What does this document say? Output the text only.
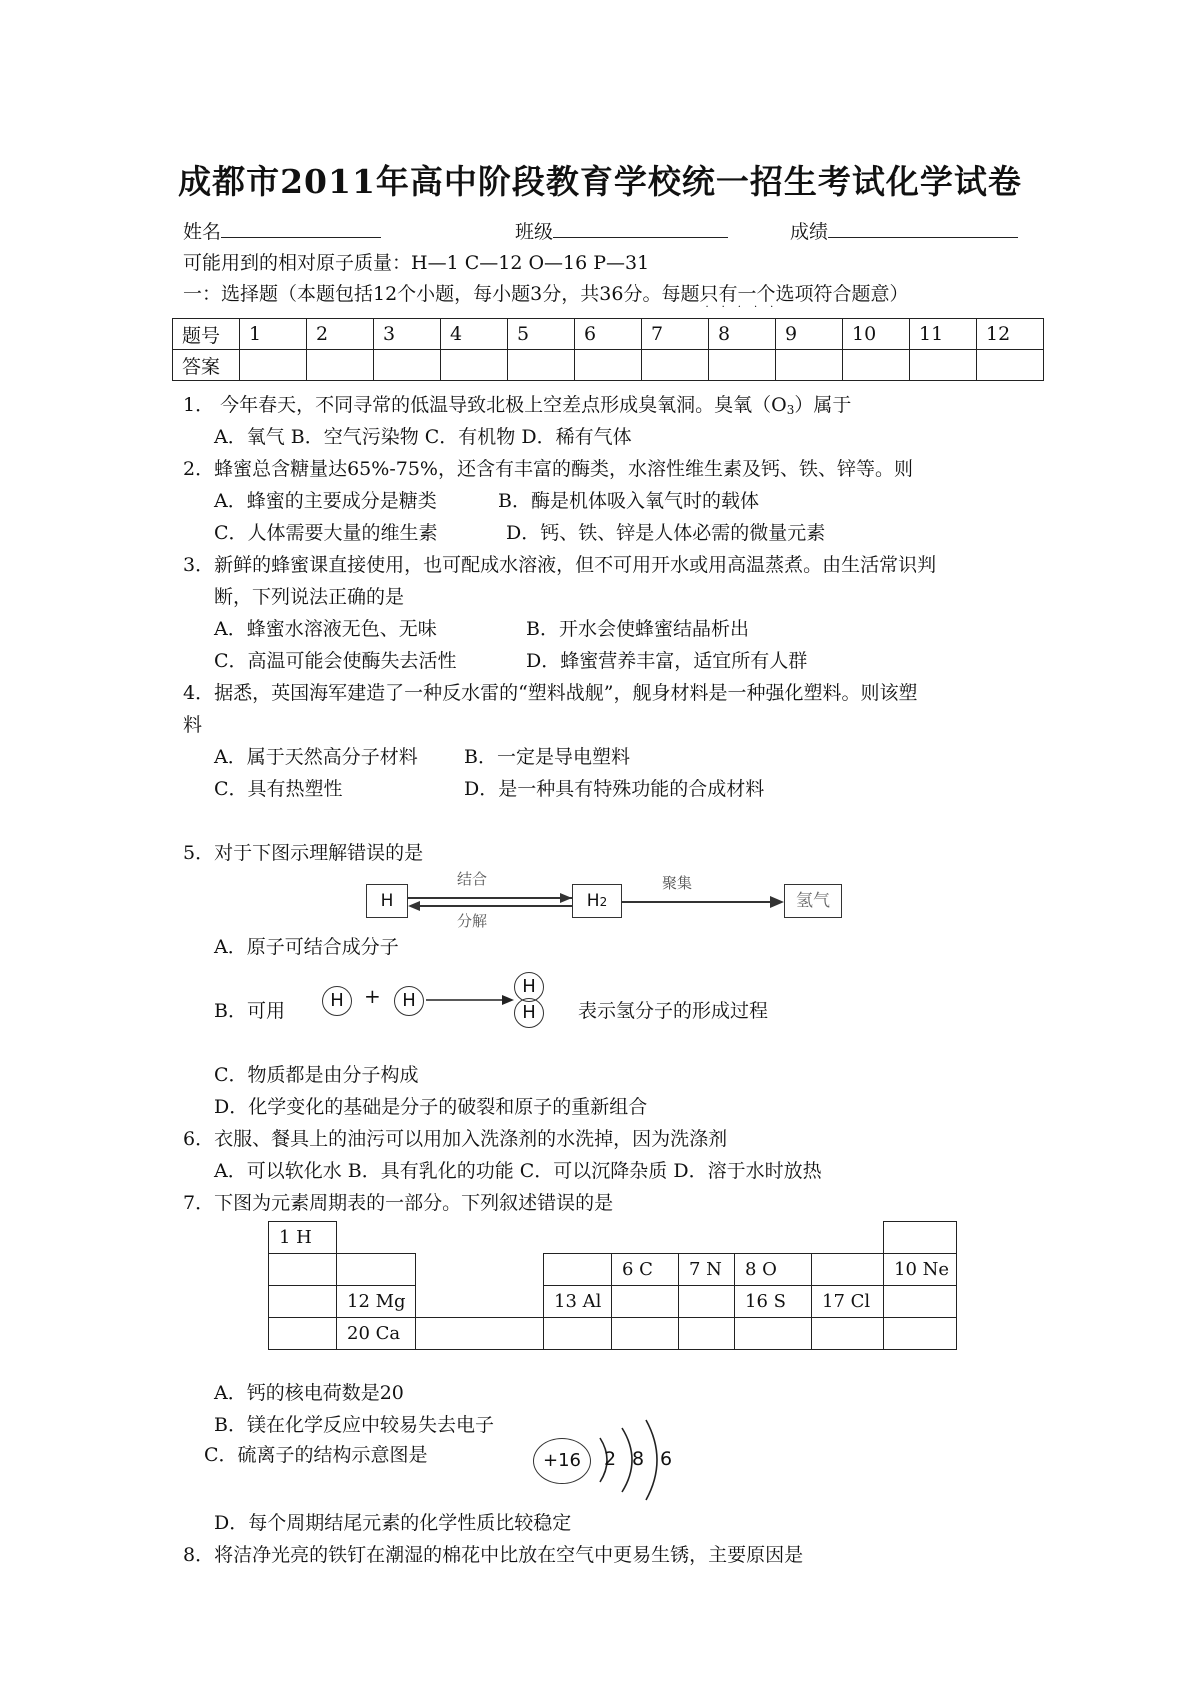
成都市2011年高中阶段教育学校统一招生考试化学试卷
姓名	班级	成绩
可能用到的相对原子质量：H—1 C—12 O—16 P—31
一：选择题（本题包括12个小题，每小题3分，共36分。每题只有一个
·····
选项符合题意）
题号	1	2	3	4	5	6	7	8	9	10	11	12
答案												
1． 今年春天，不同寻常的低温导致北极上空差点形成臭氧洞。臭氧$(O_3)$属于
A．氧气 B．空气污染物 C．有机物 D．稀有气体
2．蜂蜜总含糖量达65%-75%，还含有丰富的酶类，水溶性维生素及钙、铁、锌等。则
A．蜂蜜的主要成分是糖类	B．酶是机体吸入氧气时的载体
C．人体需要大量的维生素	D．钙、铁、锌是人体必需的微量元素
3．新鲜的蜂蜜课直接使用，也可配成水溶液，但不可用开水或用高温蒸煮。由生活常识判
断，下列说法正确的是
A．蜂蜜水溶液无色、无味	B．开水会使蜂蜜结晶析出
C．高温可能会使酶失去活性	D．蜂蜜营养丰富，适宜所有人群
4．据悉，英国海军建造了一种反水雷的“塑料战舰”，舰身材料是一种强化塑料。则该塑
料
A．属于天然高分子材料 B．一定是导电塑料
C．具有热塑性	D．是一种具有特殊功能的合成材料
5．对于下图示理解错误的是
H	H2	氢气
结合
分解
聚集
A．原子可结合成分子
B．可用	H	+	H
H
H	表示氢分子的形成过程
C．物质都是由分子构成
D．化学变化的基础是分子的破裂和原子的重新组合
6．衣服、餐具上的油污可以用加入洗涤剂的水洗掉，因为洗涤剂
A．可以软化水 B．具有乳化的功能 C．可以沉降杂质 D．溶于水时放热
7．下图为元素周期表的一部分。下列叙述错误的是
1 H								
				6 C	7 N	8 O		10 Ne
	12 Mg		13 Al			16 S	17 Cl	
	20 Ca							
A．钙的核电荷数是20
B．镁在化学反应中较易失去电子
C．硫离子的结构示意图是	+16	2 8 6
D．每个周期结尾元素的化学性质比较稳定
8．将洁净光亮的铁钉在潮湿的棉花中比放在空气中更易生锈，主要原因是
